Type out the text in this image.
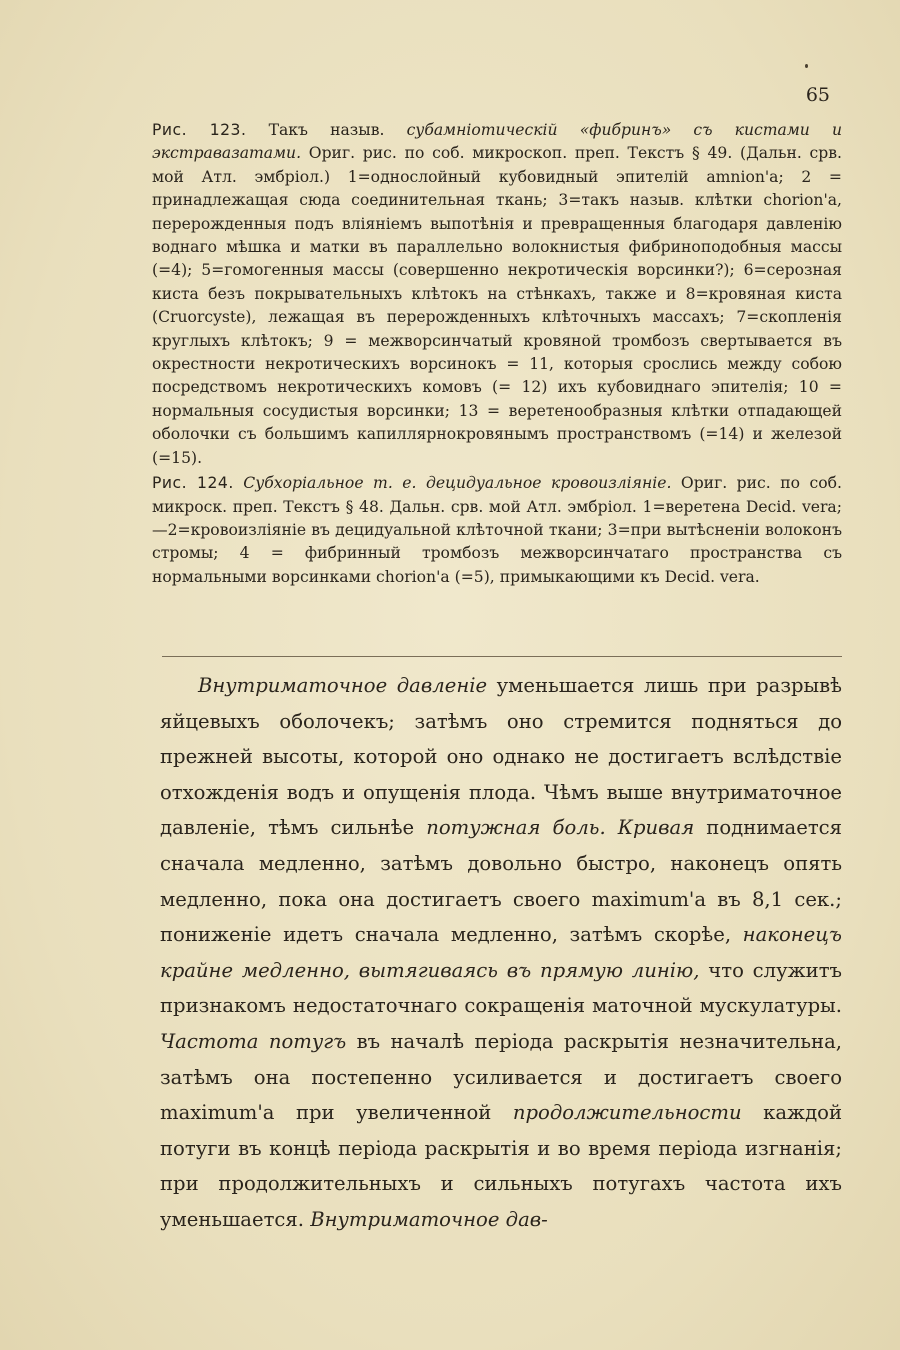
65

Рис. 123. Такъ назыв. субамніотическій «фибринъ» съ кистами и экстравазатами. Ориг. рис. по соб. микроскоп. преп. Текстъ § 49. (Дальн. срв. мой Атл. эмбріол.) 1=однослойный кубовидный эпителій amnion'а; 2 = принадлежащая сюда соединительная ткань; 3=такъ назыв. клѣтки chorion'а, перерожденныя подъ вліяніемъ выпотѣнія и превращенныя благодаря давленію воднаго мѣшка и матки въ параллельно волокнистыя фибриноподобныя массы (=4); 5=гомогенныя массы (совершенно некротическія ворсинки?); 6=серозная киста безъ покрывательныхъ клѣтокъ на стѣнкахъ, также и 8=кровяная киста (Cruorcyste), лежащая въ перерожденныхъ клѣточныхъ массахъ; 7=скопленія круглыхъ клѣтокъ; 9 = межворсинчатый кровяной тромбозъ свертывается въ окрестности некротическихъ ворсинокъ = 11, которыя срослись между собою посредствомъ некротическихъ комовъ (= 12) ихъ кубовиднаго эпителія; 10 = нормальныя сосудистыя ворсинки; 13 = веретенообразныя клѣтки отпадающей оболочки съ большимъ капиллярнокровянымъ пространствомъ (=14) и железой (=15).

Рис. 124. Субхоріальное т. е. децидуальное кровоизліяніе. Ориг. рис. по соб. микроск. преп. Текстъ § 48. Дальн. срв. мой Атл. эмбріол. 1=веретена Decid. vera; —2=кровоизліяніе въ децидуальной клѣточной ткани; 3=при вытѣсненіи волоконъ стромы; 4 = фибринный тромбозъ межворсинчатаго пространства съ нормальными ворсинками chorion'а (=5), примыкающими къ Decid. vera.

Внутриматочное давленіе уменьшается лишь при разрывѣ яйцевыхъ оболочекъ; затѣмъ оно стремится подняться до прежней высоты, которой оно однако не достигаетъ вслѣдствіе отхожденія водъ и опущенія плода. Чѣмъ выше внутриматочное давленіе, тѣмъ сильнѣе потужная боль. Кривая поднимается сначала медленно, затѣмъ довольно быстро, наконецъ опять медленно, пока она достигаетъ своего maximum'а въ 8,1 сек.; пониженіе идетъ сначала медленно, затѣмъ скорѣе, наконецъ крайне медленно, вытягиваясь въ прямую линію, что служитъ признакомъ недостаточнаго сокращенія маточной мускулатуры. Частота потугъ въ началѣ періода раскрытія незначительна, затѣмъ она постепенно усиливается и достигаетъ своего maximum'а при увеличенной продолжительности каждой потуги въ концѣ періода раскрытія и во время періода изгнанія; при продолжительныхъ и сильныхъ потугахъ частота ихъ уменьшается. Внутриматочное дав-
